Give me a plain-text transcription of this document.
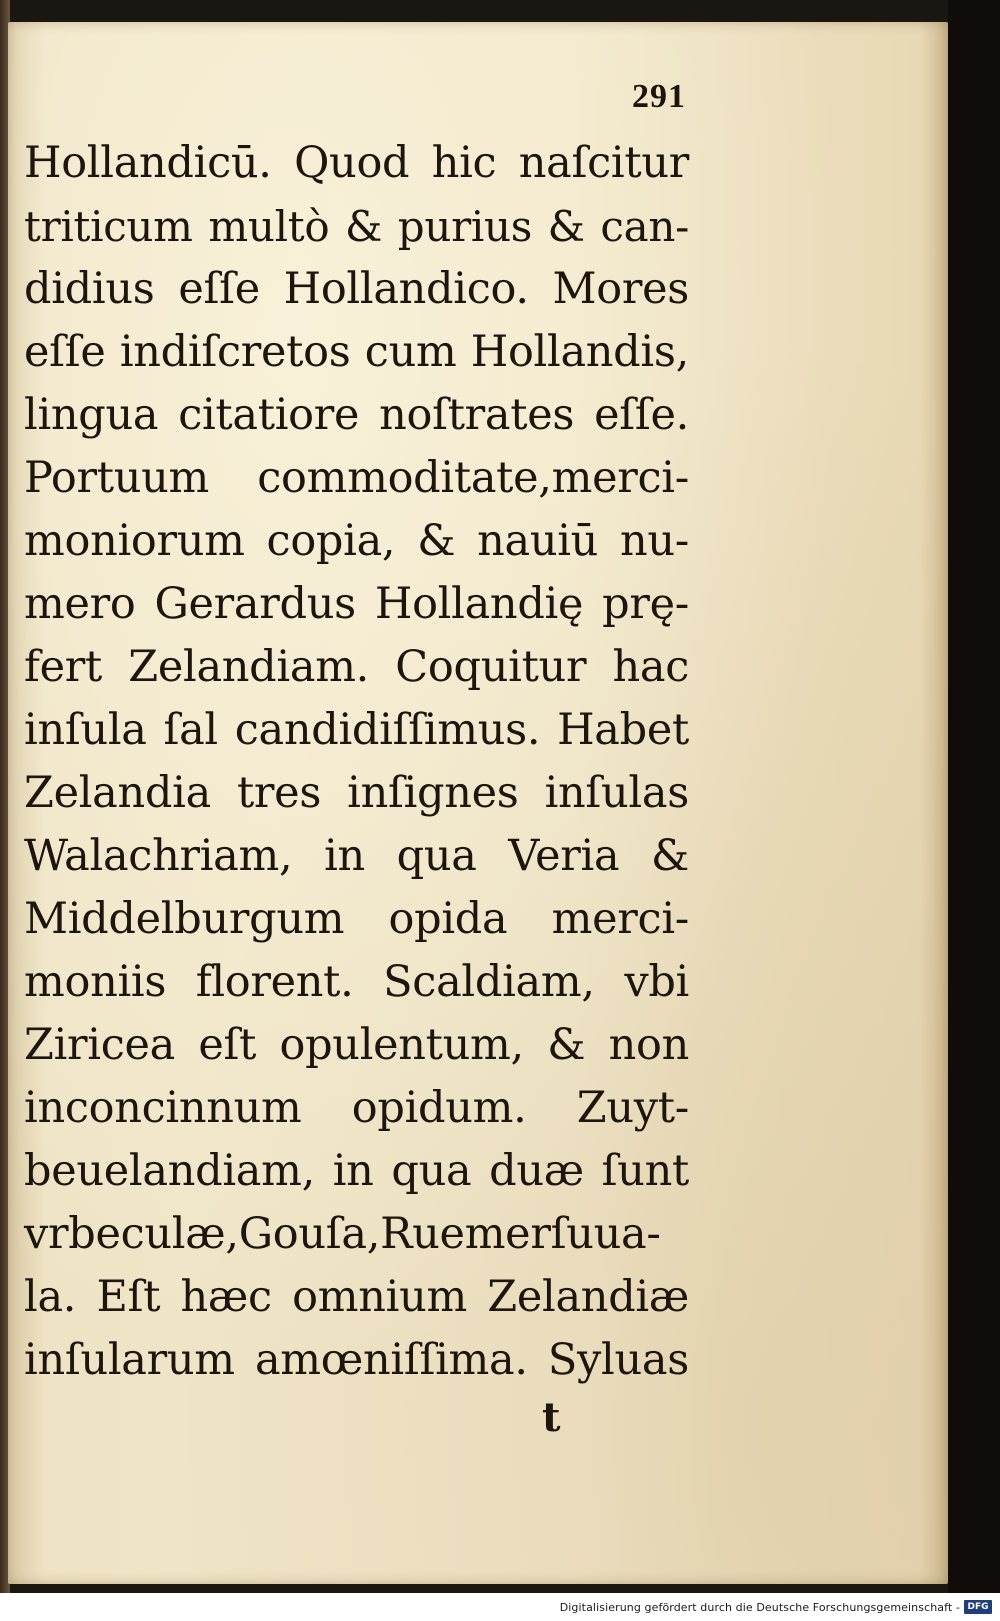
291
Hollandicū. Quod hic naſcitur
triticum multò & purius & can-
didius eſſe Hollandico. Mores
eſſe indiſcretos cum Hollandis,
lingua citatiore noſtrates eſſe.
Portuum commoditate,merci-
moniorum copia, & nauiū nu-
mero Gerardus Hollandię prę-
fert Zelandiam. Coquitur hac
inſula ſal candidiſſimus. Habet
Zelandia tres inſignes inſulas
Walachriam, in qua Veria &
Middelburgum opida merci-
moniis florent. Scaldiam, vbi
Ziricea eſt opulentum, & non
inconcinnum opidum. Zuyt-
beuelandiam, in qua duæ ſunt
vrbeculæ,Gouſa,Ruemerſuua-
la. Eſt hæc omnium Zelandiæ
inſularum amœniſſima. Syluas
t
Digitalisierung gefördert durch die Deutsche Forschungsgemeinschaft - DFG
